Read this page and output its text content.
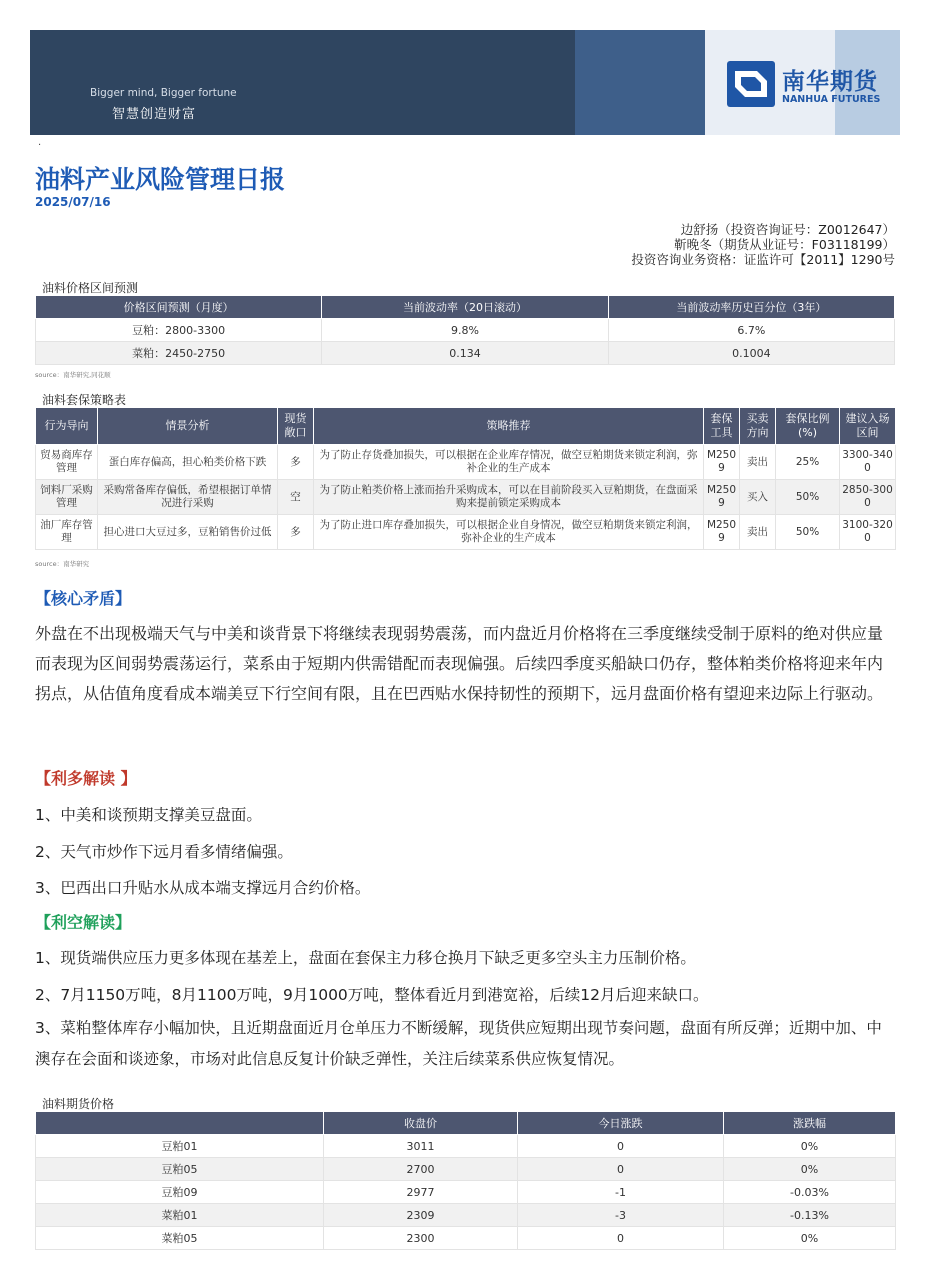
Bigger mind, Bigger fortune
智慧创造财富
南华期货
NANHUA FUTURES
·
油料产业风险管理日报
2025/07/16
边舒扬（投资咨询证号：Z0012647）
靳晚冬（期货从业证号：F03118199）
投资咨询业务资格：证监许可【2011】1290号
油料价格区间预测
价格区间预测（月度）	当前波动率（20日滚动）	当前波动率历史百分位（3年）
豆粕：2800-3300	9.8%	6.7%
菜粕：2450-2750	0.134	0.1004
source：南华研究,同花顺
油料套保策略表
行为导向	情景分析	现货敞口	策略推荐	套保工具	买卖方向	套保比例(%)	建议入场区间
贸易商库存管理	蛋白库存偏高，担心粕类价格下跌	多	为了防止存货叠加损失，可以根据在企业库存情况，做空豆粕期货来锁定利润，弥补企业的生产成本	M2509	卖出	25%	3300-3400
饲料厂采购管理	采购常备库存偏低，希望根据订单情况进行采购	空	为了防止粕类价格上涨而抬升采购成本，可以在目前阶段买入豆粕期货，在盘面采购来提前锁定采购成本	M2509	买入	50%	2850-3000
油厂库存管理	担心进口大豆过多，豆粕销售价过低	多	为了防止进口库存叠加损失，可以根据企业自身情况，做空豆粕期货来锁定利润，弥补企业的生产成本	M2509	卖出	50%	3100-3200
source：南华研究
【核心矛盾】
外盘在不出现极端天气与中美和谈背景下将继续表现弱势震荡，而内盘近月价格将在三季度继续受制于原料的绝对供应量而表现为区间弱势震荡运行，菜系由于短期内供需错配而表现偏强。后续四季度买船缺口仍存，整体粕类价格将迎来年内拐点，从估值角度看成本端美豆下行空间有限，且在巴西贴水保持韧性的预期下，远月盘面价格有望迎来边际上行驱动。
【利多解读 】
1、中美和谈预期支撑美豆盘面。
2、天气市炒作下远月看多情绪偏强。
3、巴西出口升贴水从成本端支撑远月合约价格。
【利空解读】
1、现货端供应压力更多体现在基差上，盘面在套保主力移仓换月下缺乏更多空头主力压制价格。
2、7月1150万吨，8月1100万吨，9月1000万吨，整体看近月到港宽裕，后续12月后迎来缺口。
3、菜粕整体库存小幅加快，且近期盘面近月仓单压力不断缓解，现货供应短期出现节奏问题，盘面有所反弹；近期中加、中澳存在会面和谈迹象，市场对此信息反复计价缺乏弹性，关注后续菜系供应恢复情况。
油料期货价格
	收盘价	今日涨跌	涨跌幅
豆粕01	3011	0	0%
豆粕05	2700	0	0%
豆粕09	2977	-1	-0.03%
菜粕01	2309	-3	-0.13%
菜粕05	2300	0	0%
